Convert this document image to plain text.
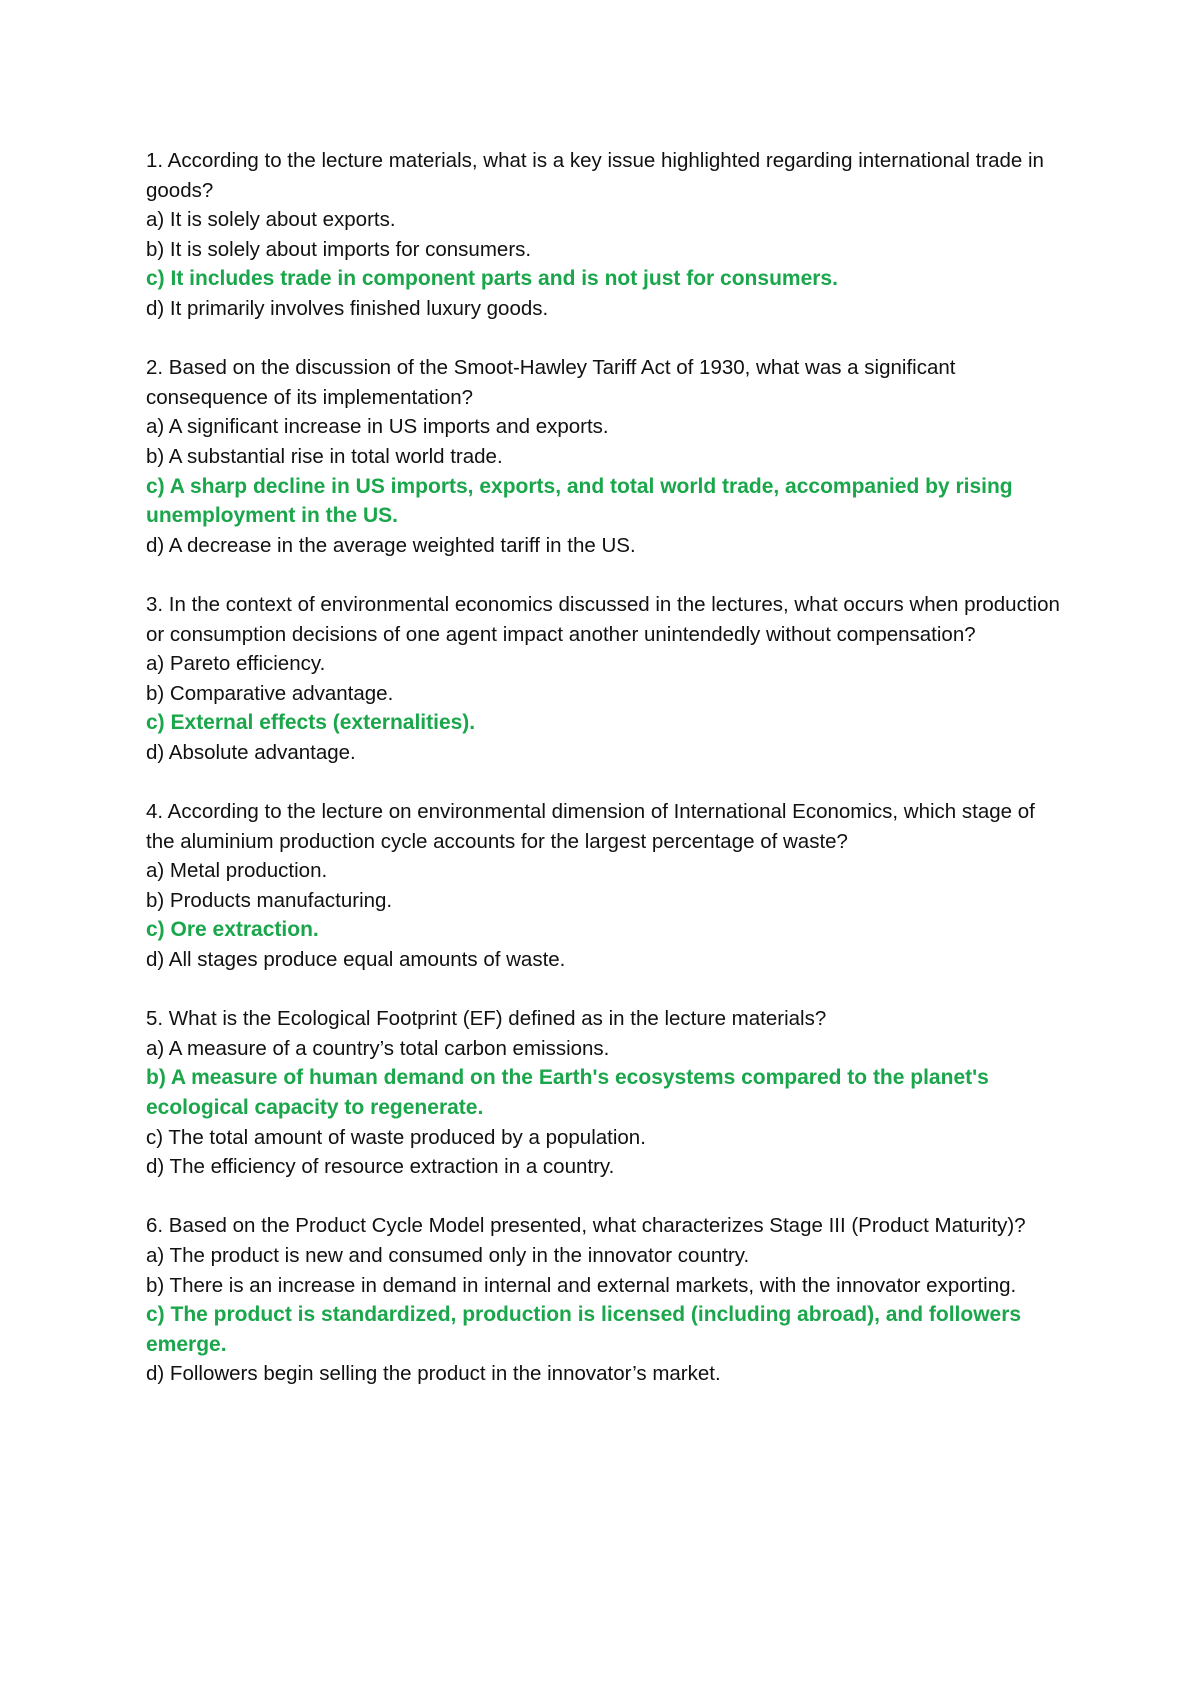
1. According to the lecture materials, what is a key issue highlighted regarding international trade in goods?

a) It is solely about exports.

b) It is solely about imports for consumers.

c) It includes trade in component parts and is not just for consumers.

d) It primarily involves finished luxury goods.

2. Based on the discussion of the Smoot-Hawley Tariff Act of 1930, what was a significant consequence of its implementation?

a) A significant increase in US imports and exports.

b) A substantial rise in total world trade.

c) A sharp decline in US imports, exports, and total world trade, accompanied by rising unemployment in the US.

d) A decrease in the average weighted tariff in the US.

3. In the context of environmental economics discussed in the lectures, what occurs when production or consumption decisions of one agent impact another unintendedly without compensation?

a) Pareto efficiency.

b) Comparative advantage.

c) External effects (externalities).

d) Absolute advantage.

4. According to the lecture on environmental dimension of International Economics, which stage of the aluminium production cycle accounts for the largest percentage of waste?

a) Metal production.

b) Products manufacturing.

c) Ore extraction.

d) All stages produce equal amounts of waste.

5. What is the Ecological Footprint (EF) defined as in the lecture materials?

a) A measure of a country’s total carbon emissions.

b) A measure of human demand on the Earth's ecosystems compared to the planet's ecological capacity to regenerate.

c) The total amount of waste produced by a population.

d) The efficiency of resource extraction in a country.

6. Based on the Product Cycle Model presented, what characterizes Stage III (Product Maturity)?

a) The product is new and consumed only in the innovator country.

b) There is an increase in demand in internal and external markets, with the innovator exporting.

c) The product is standardized, production is licensed (including abroad), and followers emerge.

d) Followers begin selling the product in the innovator’s market.
